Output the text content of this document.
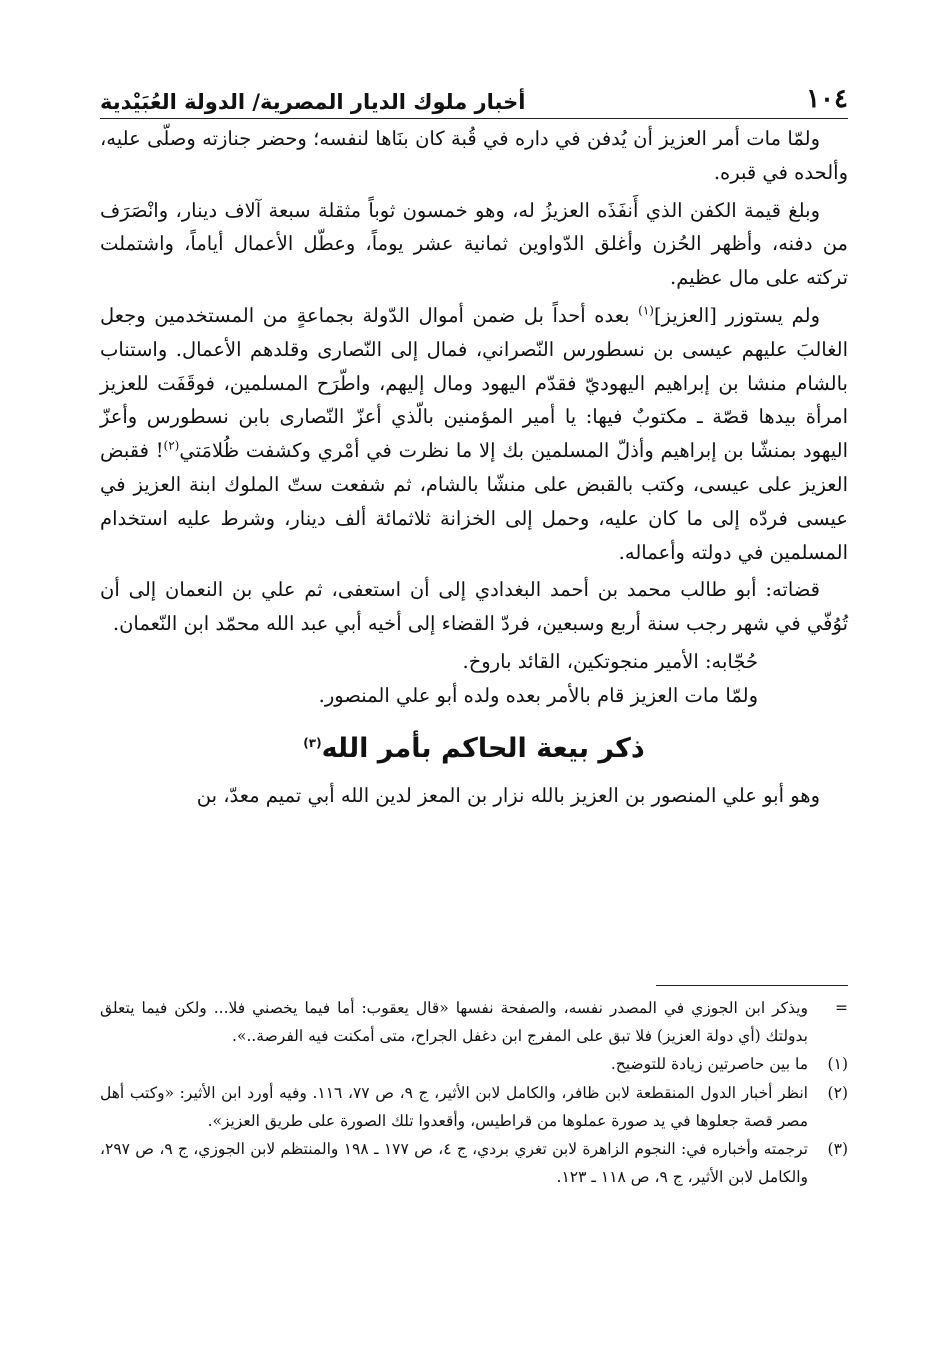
١٠٤
أخبار ملوك الديار المصرية/ الدولة العُبَيْدية

ولمّا مات أمر العزيز أن يُدفن في داره في قُبة كان بنَاها لنفسه؛ وحضر جنازته وصلّى عليه، وألحده في قبره.

وبلغ قيمة الكفن الذي أَنفَذَه العزيزُ له، وهو خمسون ثوباً مثقلة سبعة آلاف دينار، وانْصَرَف من دفنه، وأظهر الحُزن وأغلق الدّواوين ثمانية عشر يوماً، وعطّل الأعمال أياماً، واشتملت تركته على مال عظيم.

ولم يستوزر [العزيز]$^{(١)}$ بعده أحداً بل ضمن أموال الدّولة بجماعةٍ من المستخدمين وجعل الغالبَ عليهم عيسى بن نسطورس النّصراني، فمال إلى النّصارى وقلدهم الأعمال. واستناب بالشام منشا بن إبراهيم اليهوديّ فقدّم اليهود ومال إليهم، واطّرَح المسلمين، فوقَفَت للعزيز امرأة بيدها قصّة ـ مكتوبٌ فيها: يا أمير المؤمنين بالّذي أعزّ النّصارى بابن نسطورس وأعزّ اليهود بمنشّا بن إبراهيم وأذلّ المسلمين بك إلا ما نظرت في أمْري وكشفت ظُلامَتي$^{(٢)}$! فقبض العزيز على عيسى، وكتب بالقبض على منشّا بالشام، ثم شفعت ستّ الملوك ابنة العزيز في عيسى فردّه إلى ما كان عليه، وحمل إلى الخزانة ثلاثمائة ألف دينار، وشرط عليه استخدام المسلمين في دولته وأعماله.

قضاته: أبو طالب محمد بن أحمد البغدادي إلى أن استعفى، ثم علي بن النعمان إلى أن تُوُفّي في شهر رجب سنة أربع وسبعين، فردّ القضاء إلى أخيه أبي عبد الله محمّد ابن النّعمان.

حُجّابه: الأمير منجوتكين، القائد باروخ.

ولمّا مات العزيز قام بالأمر بعده ولده أبو علي المنصور.

ذكر بيعة الحاكم بأمر الله$^{(٣)}$

وهو أبو علي المنصور بن العزيز بالله نزار بن المعز لدين الله أبي تميم معدّ، بن

=
ويذكر ابن الجوزي في المصدر نفسه، والصفحة نفسها «قال يعقوب: أما فيما يخصني فلا... ولكن فيما يتعلق بدولتك (أي دولة العزيز) فلا تبق على المفرج ابن دغفل الجراح، متى أمكنت فيه الفرصة..».
(١)
ما بين حاصرتين زيادة للتوضيح.
(٢)
انظر أخبار الدول المنقطعة لابن ظافر، والكامل لابن الأثير، ج ٩، ص ٧٧، ١١٦. وفيه أورد ابن الأثير: «وكتب أهل مصر قصة جعلوها في يد صورة عملوها من قراطيس، وأقعدوا تلك الصورة على طريق العزيز».
(٣)
ترجمته وأخباره في: النجوم الزاهرة لابن تغري بردي، ج ٤، ص ١٧٧ ـ ١٩٨ والمنتظم لابن الجوزي، ج ٩، ص ٢٩٧، والكامل لابن الأثير، ج ٩، ص ١١٨ ـ ١٢٣.
